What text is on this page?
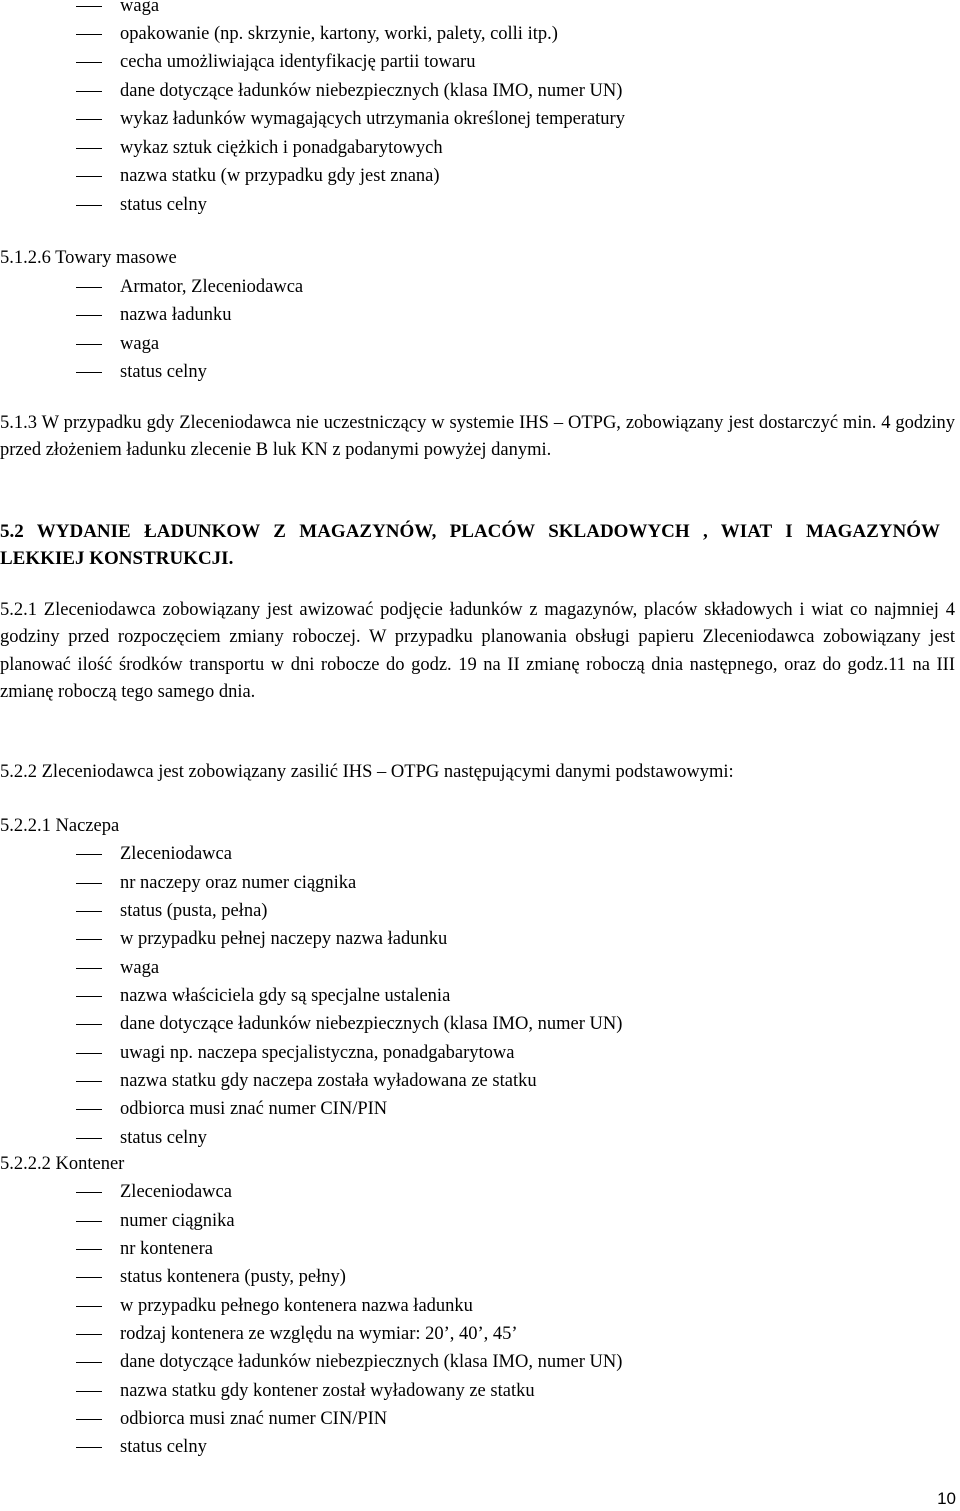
waga
opakowanie (np. skrzynie, kartony, worki, palety, colli itp.)
cecha umożliwiająca identyfikację partii towaru
dane dotyczące ładunków niebezpiecznych (klasa IMO, numer UN)
wykaz ładunków wymagających utrzymania określonej temperatury
wykaz sztuk ciężkich i ponadgabarytowych
nazwa statku (w przypadku gdy jest znana)
status celny
5.1.2.6 Towary masowe
Armator, Zleceniodawca
nazwa ładunku
waga
status celny
5.1.3 W przypadku gdy Zleceniodawca nie uczestniczący w systemie IHS – OTPG, zobowiązany jest dostarczyć min. 4 godziny przed złożeniem ładunku zlecenie B luk KN z podanymi powyżej danymi.
5.2 WYDANIE ŁADUNKOW Z MAGAZYNÓW, PLACÓW SKLADOWYCH , WIAT I MAGAZYNÓW LEKKIEJ KONSTRUKCJI.
5.2.1 Zleceniodawca zobowiązany jest awizować podjęcie ładunków z magazynów, placów składowych i wiat co najmniej 4 godziny przed rozpoczęciem zmiany roboczej. W przypadku planowania obsługi papieru Zleceniodawca zobowiązany jest planować ilość środków transportu w dni robocze do godz. 19 na II zmianę roboczą dnia następnego, oraz do godz.11 na III zmianę roboczą tego samego dnia.
5.2.2 Zleceniodawca jest zobowiązany zasilić IHS – OTPG następującymi danymi podstawowymi:
5.2.2.1 Naczepa
Zleceniodawca
nr naczepy oraz numer ciągnika
status (pusta, pełna)
w przypadku pełnej naczepy nazwa ładunku
waga
nazwa właściciela gdy są specjalne ustalenia
dane dotyczące ładunków niebezpiecznych (klasa IMO, numer UN)
uwagi np. naczepa specjalistyczna, ponadgabarytowa
nazwa statku gdy naczepa została wyładowana ze statku
odbiorca musi znać numer CIN/PIN
status celny
5.2.2.2 Kontener
Zleceniodawca
numer ciągnika
nr kontenera
status kontenera (pusty, pełny)
w przypadku pełnego kontenera nazwa ładunku
rodzaj kontenera ze względu na wymiar: 20’, 40’, 45’
dane dotyczące ładunków niebezpiecznych (klasa IMO, numer UN)
nazwa statku gdy kontener został wyładowany ze statku
odbiorca musi znać numer CIN/PIN
status celny
10
